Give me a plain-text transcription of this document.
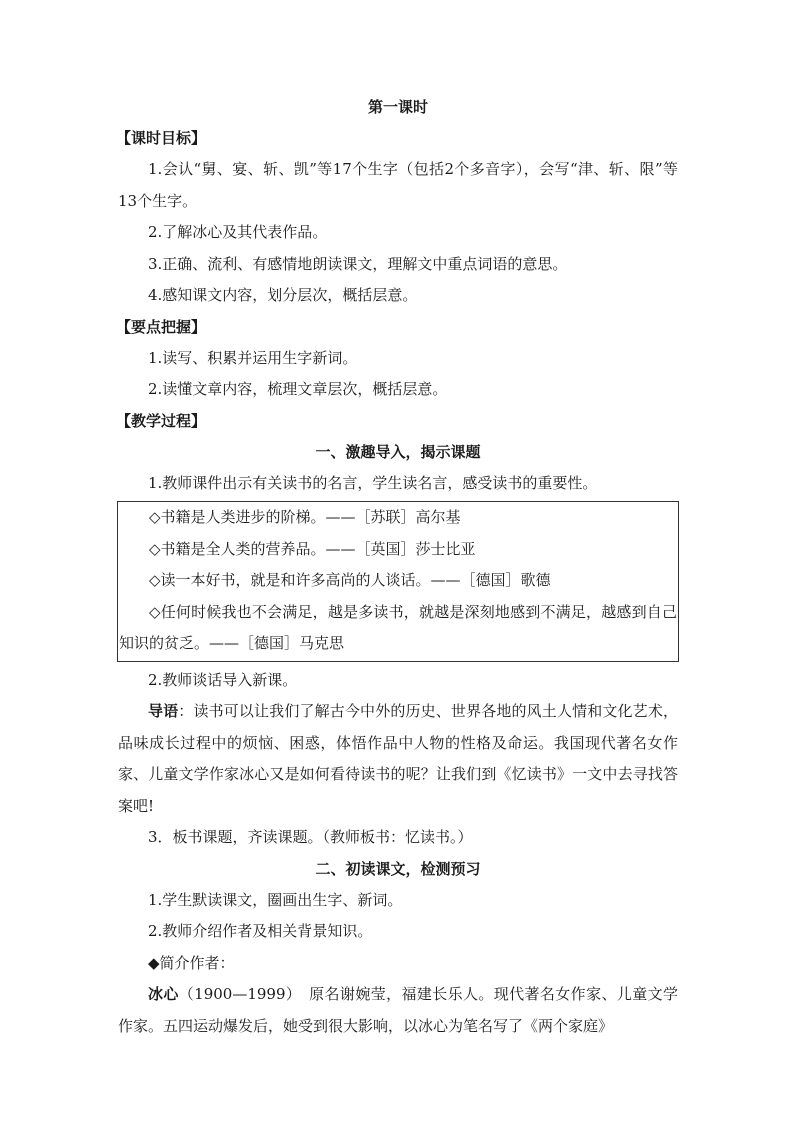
第一课时
【课时目标】

1.会认“舅、宴、斩、凯”等17个生字（包括2个多音字），会写“津、斩、限”等13个生字。

2.了解冰心及其代表作品。

3.正确、流利、有感情地朗读课文，理解文中重点词语的意思。

4.感知课文内容，划分层次，概括层意。

【要点把握】

1.读写、积累并运用生字新词。

2.读懂文章内容，梳理文章层次，概括层意。

【教学过程】
一、激趣导入，揭示课题

1.教师课件出示有关读书的名言，学生读名言，感受读书的重要性。

◇书籍是人类进步的阶梯。——［苏联］高尔基

◇书籍是全人类的营养品。——［英国］莎士比亚

◇读一本好书，就是和许多高尚的人谈话。——［德国］歌德

◇任何时候我也不会满足，越是多读书，就越是深刻地感到不满足，越感到自己知识的贫乏。——［德国］马克思

2.教师谈话导入新课。

导语：读书可以让我们了解古今中外的历史、世界各地的风土人情和文化艺术，品味成长过程中的烦恼、困惑，体悟作品中人物的性格及命运。我国现代著名女作家、儿童文学作家冰心又是如何看待读书的呢？让我们到《忆读书》一文中去寻找答案吧!

3．板书课题，齐读课题。（教师板书：忆读书。）

二、初读课文，检测预习

1.学生默读课文，圈画出生字、新词。

2.教师介绍作者及相关背景知识。

◆简介作者：

冰心（1900—1999）　原名谢婉莹，福建长乐人。现代著名女作家、儿童文学作家。五四运动爆发后，她受到很大影响，以冰心为笔名写了《两个家庭》
